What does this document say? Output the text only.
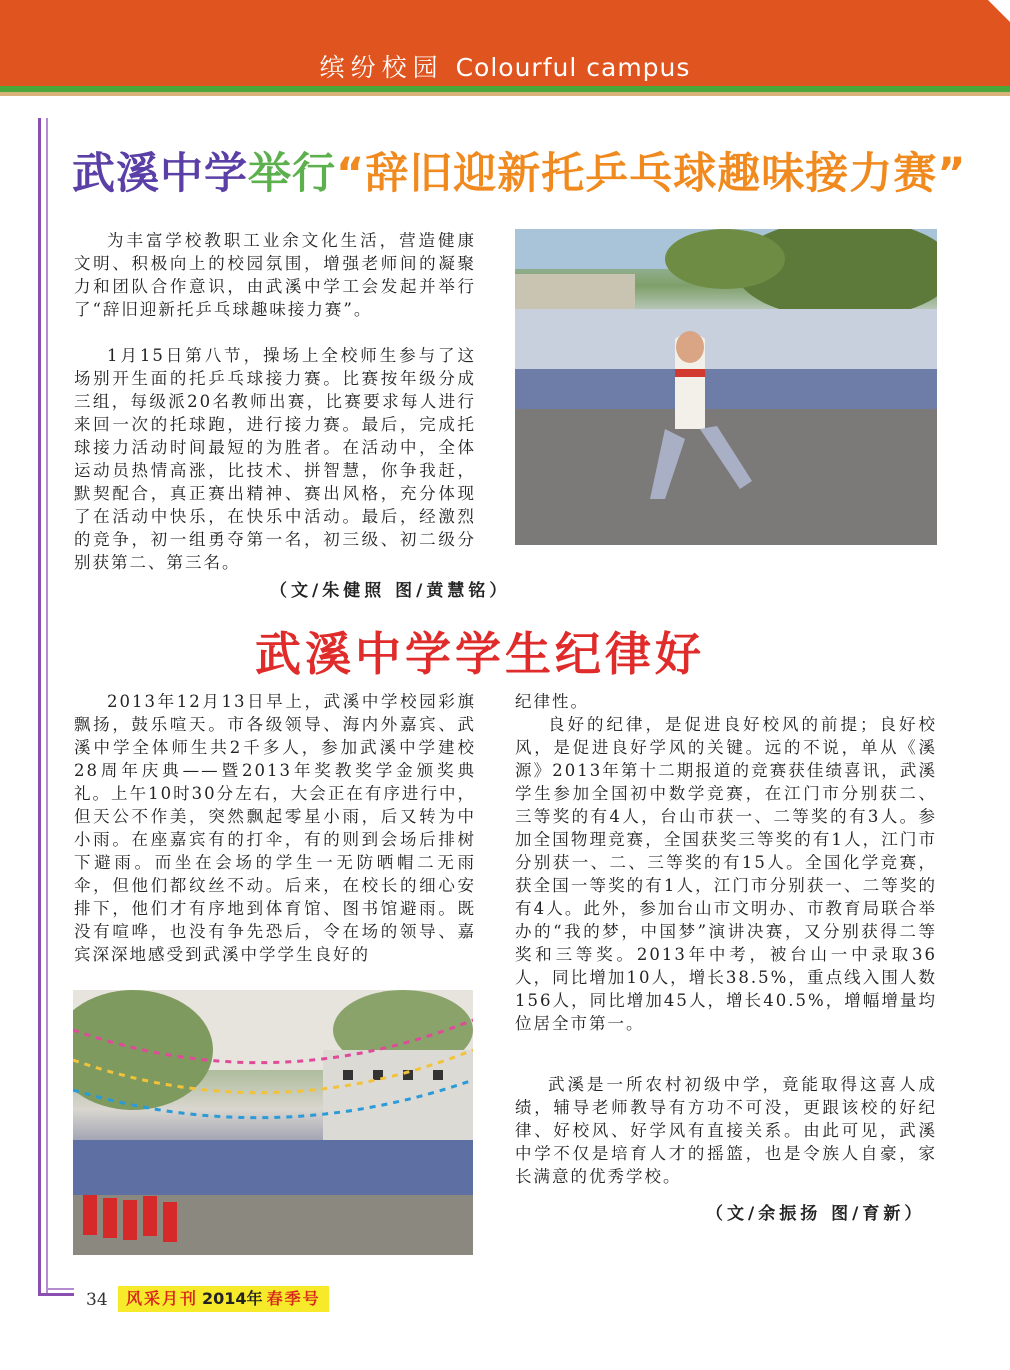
缤纷校园 Colourful campus
武溪中学举行“辞旧迎新托乒乓球趣味接力赛”

为丰富学校教职工业余文化生活，营造健康文明、积极向上的校园氛围，增强老师间的凝聚力和团队合作意识，由武溪中学工会发起并举行了“辞旧迎新托乒乓球趣味接力赛”。

1月15日第八节，操场上全校师生参与了这场别开生面的托乒乓球接力赛。比赛按年级分成三组，每级派20名教师出赛，比赛要求每人进行来回一次的托球跑，进行接力赛。最后，完成托球接力活动时间最短的为胜者。在活动中，全体运动员热情高涨，比技术、拼智慧，你争我赶，默契配合，真正赛出精神、赛出风格，充分体现了在活动中快乐，在快乐中活动。最后，经激烈的竞争，初一组勇夺第一名，初三级、初二级分别获第二、第三名。

（文/朱健照 图/黄慧铭）
武溪中学学生纪律好

2013年12月13日早上，武溪中学校园彩旗飘扬，鼓乐喧天。市各级领导、海内外嘉宾、武溪中学全体师生共2千多人，参加武溪中学建校28周年庆典——暨2013年奖教奖学金颁奖典礼。上午10时30分左右，大会正在有序进行中，但天公不作美，突然飘起零星小雨，后又转为中小雨。在座嘉宾有的打伞，有的则到会场后排树下避雨。而坐在会场的学生一无防晒帽二无雨伞，但他们都纹丝不动。后来，在校长的细心安排下，他们才有序地到体育馆、图书馆避雨。既没有喧哗，也没有争先恐后，令在场的领导、嘉宾深深地感受到武溪中学学生良好的

纪律性。

良好的纪律，是促进良好校风的前提；良好校风，是促进良好学风的关键。远的不说，单从《溪源》2013年第十二期报道的竞赛获佳绩喜讯，武溪学生参加全国初中数学竞赛，在江门市分别获二、三等奖的有4人，台山市获一、二等奖的有3人。参加全国物理竞赛，全国获奖三等奖的有1人，江门市分别获一、二、三等奖的有15人。全国化学竞赛，获全国一等奖的有1人，江门市分别获一、二等奖的有4人。此外，参加台山市文明办、市教育局联合举办的“我的梦，中国梦”演讲决赛，又分别获得二等奖和三等奖。2013年中考，被台山一中录取36人，同比增加10人，增长38.5%，重点线入围人数156人，同比增加45人，增长40.5%，增幅增量均位居全市第一。

武溪是一所农村初级中学，竟能取得这喜人成绩，辅导老师教导有方功不可没，更跟该校的好纪律、好校风、好学风有直接关系。由此可见，武溪中学不仅是培育人才的摇篮，也是令族人自豪，家长满意的优秀学校。

（文/余振扬 图/育新）
34	风采月刊 2014年 春季号
